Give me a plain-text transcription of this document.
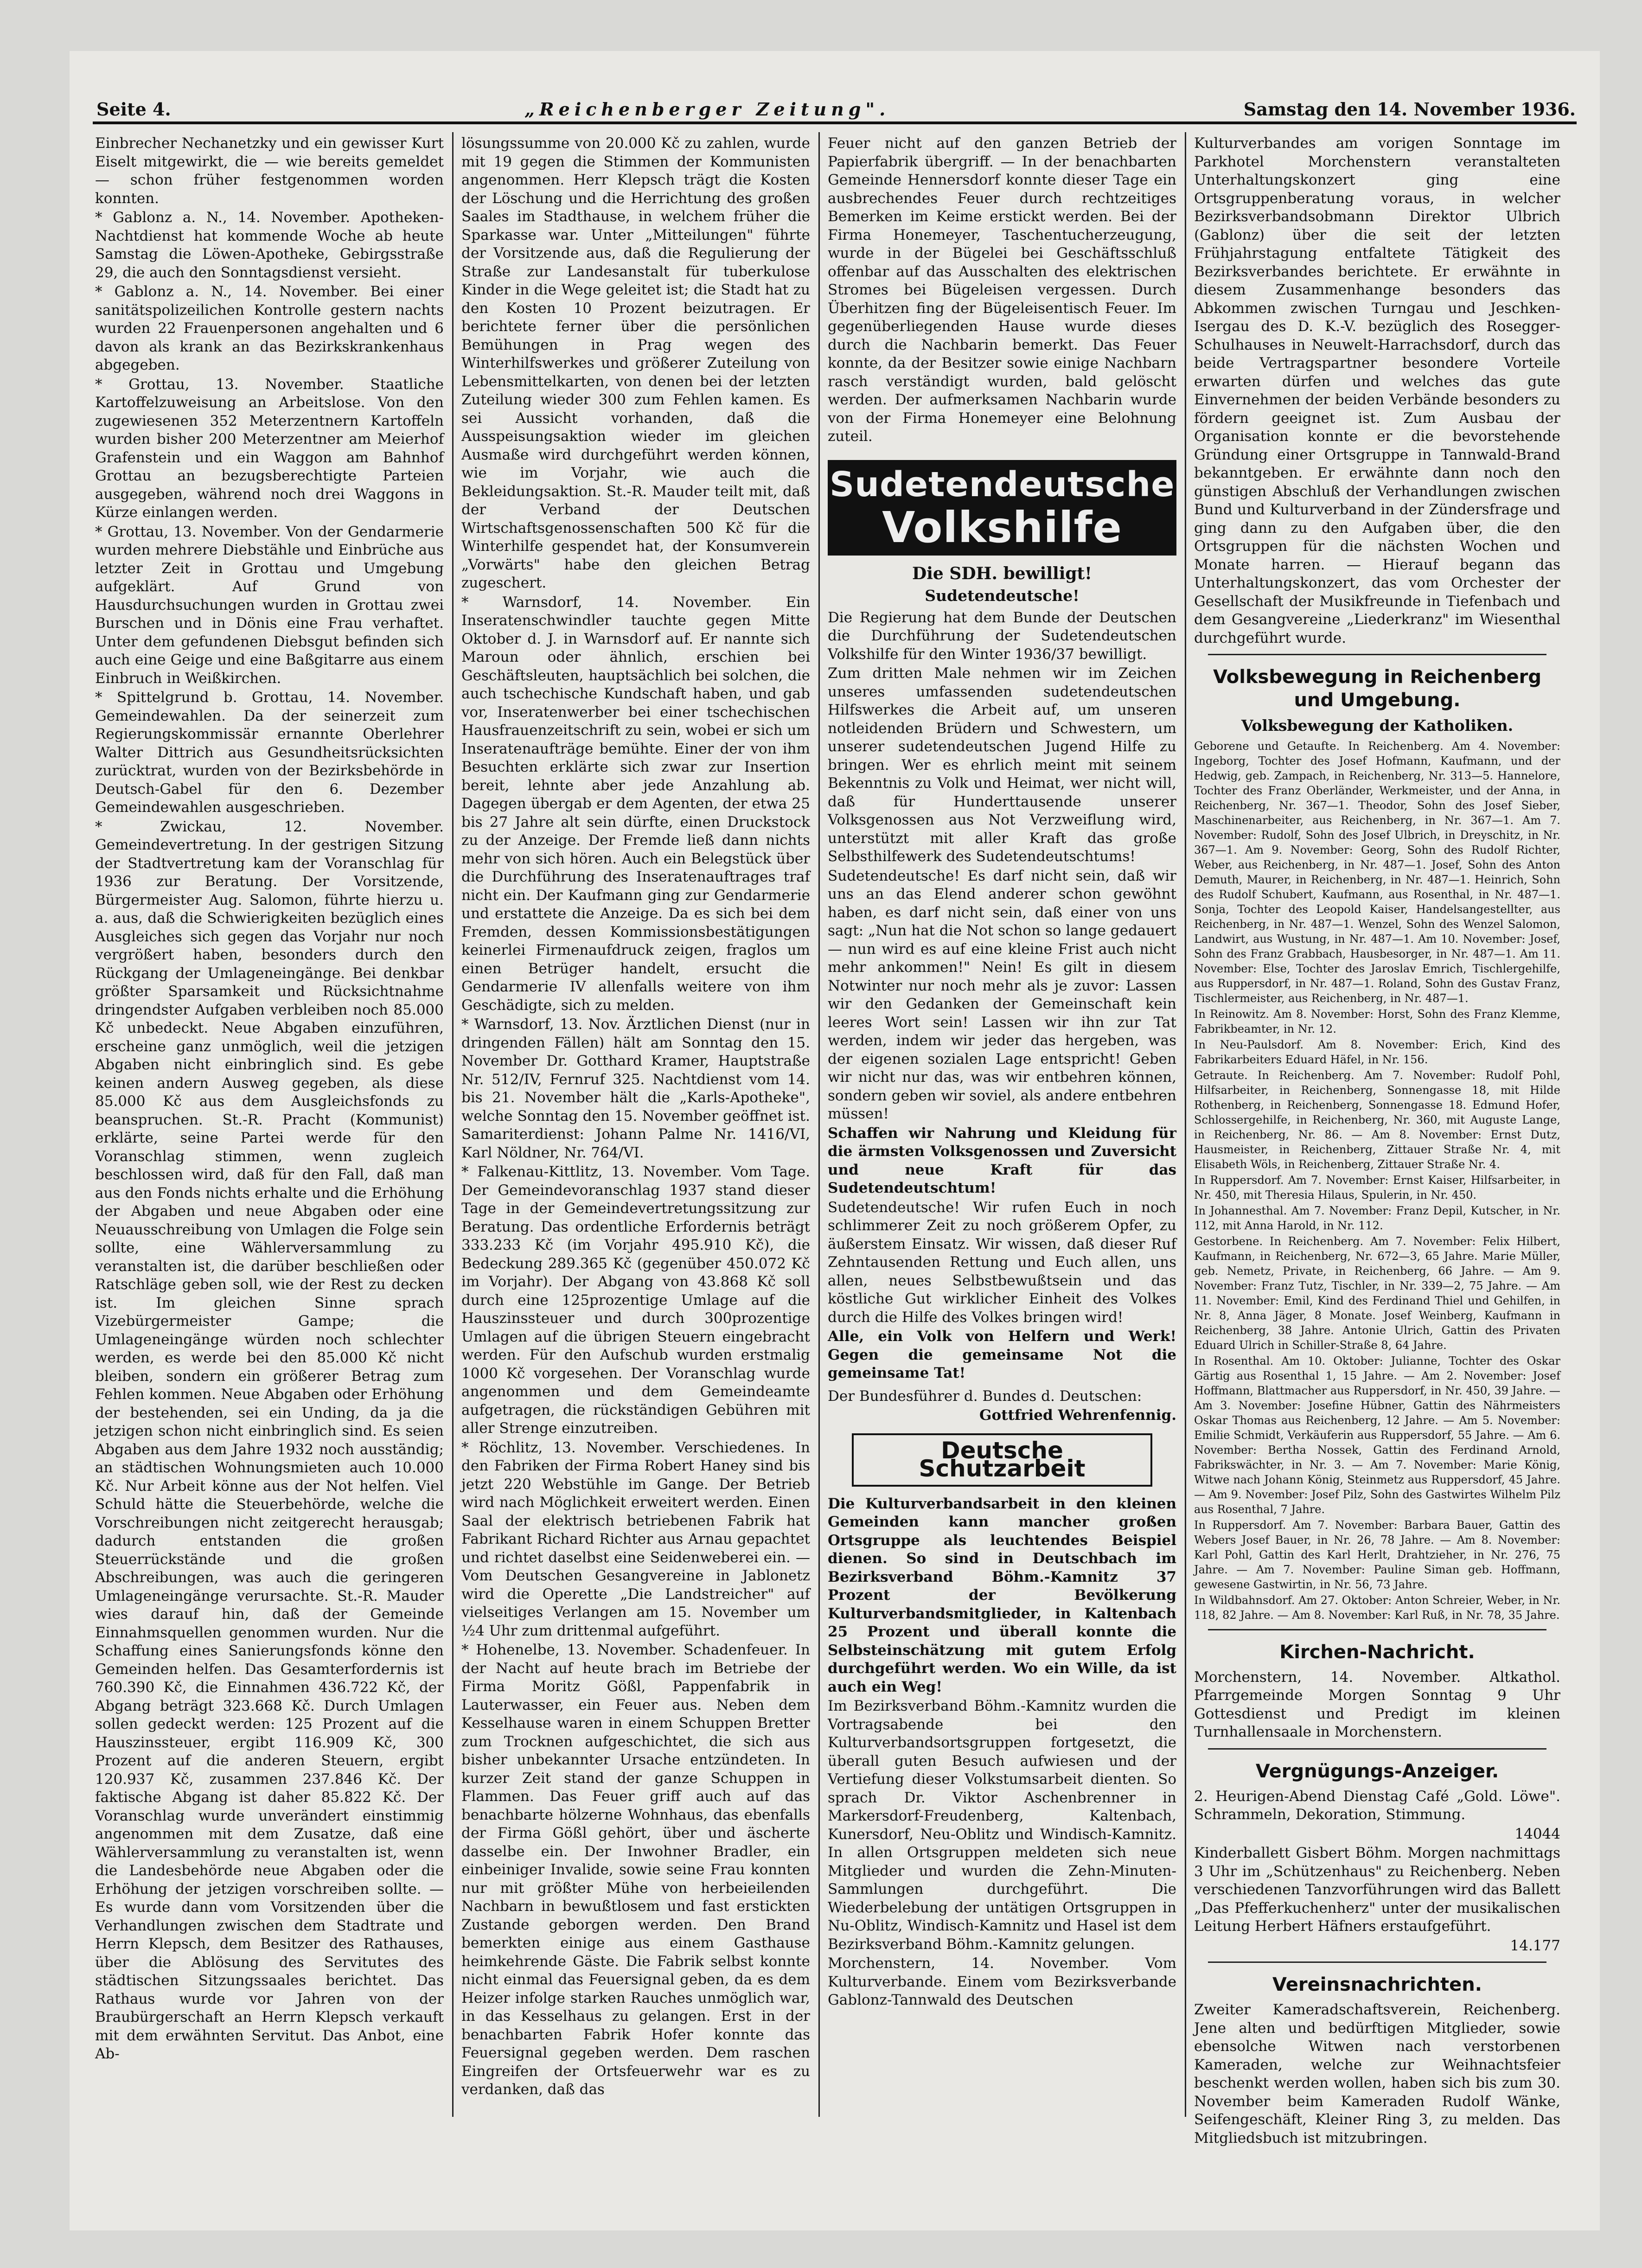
Seite 4.	„Reichenberger Zeitung".	Samstag den 14. November 1936.

Einbrecher Nechanetzky und ein gewisser Kurt Eiselt mitgewirkt, die — wie bereits gemeldet — schon früher festgenommen worden konnten.

* Gablonz a. N., 14. November. Apotheken-Nachtdienst hat kommende Woche ab heute Samstag die Löwen-Apotheke, Gebirgsstraße 29, die auch den Sonntagsdienst versieht.

* Gablonz a. N., 14. November. Bei einer sanitätspolizeilichen Kontrolle gestern nachts wurden 22 Frauenpersonen angehalten und 6 davon als krank an das Bezirkskrankenhaus abgegeben.

* Grottau, 13. November. Staatliche Kartoffelzuweisung an Arbeitslose. Von den zugewiesenen 352 Meterzentnern Kartoffeln wurden bisher 200 Meterzentner am Meierhof Grafenstein und ein Waggon am Bahnhof Grottau an bezugsberechtigte Parteien ausgegeben, während noch drei Waggons in Kürze einlangen werden.

* Grottau, 13. November. Von der Gendarmerie wurden mehrere Diebstähle und Einbrüche aus letzter Zeit in Grottau und Umgebung aufgeklärt. Auf Grund von Hausdurchsuchungen wurden in Grottau zwei Burschen und in Dönis eine Frau verhaftet. Unter dem gefundenen Diebsgut befinden sich auch eine Geige und eine Baßgitarre aus einem Einbruch in Weißkirchen.

* Spittelgrund b. Grottau, 14. November. Gemeindewahlen. Da der seinerzeit zum Regierungskommissär ernannte Oberlehrer Walter Dittrich aus Gesundheitsrücksichten zurücktrat, wurden von der Bezirksbehörde in Deutsch-Gabel für den 6. Dezember Gemeindewahlen ausgeschrieben.

* Zwickau, 12. November. Gemeindevertretung. In der gestrigen Sitzung der Stadtvertretung kam der Voranschlag für 1936 zur Beratung. Der Vorsitzende, Bürgermeister Aug. Salomon, führte hierzu u. a. aus, daß die Schwierigkeiten bezüglich eines Ausgleiches sich gegen das Vorjahr nur noch vergrößert haben, besonders durch den Rückgang der Umlageneingänge. Bei denkbar größter Sparsamkeit und Rücksichtnahme dringendster Aufgaben verbleiben noch 85.000 Kč unbedeckt. Neue Abgaben einzuführen, erscheine ganz unmöglich, weil die jetzigen Abgaben nicht einbringlich sind. Es gebe keinen andern Ausweg gegeben, als diese 85.000 Kč aus dem Ausgleichsfonds zu beanspruchen. St.-R. Pracht (Kommunist) erklärte, seine Partei werde für den Voranschlag stimmen, wenn zugleich beschlossen wird, daß für den Fall, daß man aus den Fonds nichts erhalte und die Erhöhung der Abgaben und neue Abgaben oder eine Neuausschreibung von Umlagen die Folge sein sollte, eine Wählerversammlung zu veranstalten ist, die darüber beschließen oder Ratschläge geben soll, wie der Rest zu decken ist. Im gleichen Sinne sprach Vizebürgermeister Gampe; die Umlageneingänge würden noch schlechter werden, es werde bei den 85.000 Kč nicht bleiben, sondern ein größerer Betrag zum Fehlen kommen. Neue Abgaben oder Erhöhung der bestehenden, sei ein Unding, da ja die jetzigen schon nicht einbringlich sind. Es seien Abgaben aus dem Jahre 1932 noch ausständig; an städtischen Wohnungsmieten auch 10.000 Kč. Nur Arbeit könne aus der Not helfen. Viel Schuld hätte die Steuerbehörde, welche die Vorschreibungen nicht zeitgerecht herausgab; dadurch entstanden die großen Steuerrückstände und die großen Abschreibungen, was auch die geringeren Umlageneingänge verursachte. St.-R. Mauder wies darauf hin, daß der Gemeinde Einnahmsquellen genommen wurden. Nur die Schaffung eines Sanierungsfonds könne den Gemeinden helfen. Das Gesamterfordernis ist 760.390 Kč, die Einnahmen 436.722 Kč, der Abgang beträgt 323.668 Kč. Durch Umlagen sollen gedeckt werden: 125 Prozent auf die Hauszinssteuer, ergibt 116.909 Kč, 300 Prozent auf die anderen Steuern, ergibt 120.937 Kč, zusammen 237.846 Kč. Der faktische Abgang ist daher 85.822 Kč. Der Voranschlag wurde unverändert einstimmig angenommen mit dem Zusatze, daß eine Wählerversammlung zu veranstalten ist, wenn die Landesbehörde neue Abgaben oder die Erhöhung der jetzigen vorschreiben sollte. — Es wurde dann vom Vorsitzenden über die Verhandlungen zwischen dem Stadtrate und Herrn Klepsch, dem Besitzer des Rathauses, über die Ablösung des Servitutes des städtischen Sitzungssaales berichtet. Das Rathaus wurde vor Jahren von der Braubürgerschaft an Herrn Klepsch verkauft mit dem erwähnten Servitut. Das Anbot, eine Ab-

lösungssumme von 20.000 Kč zu zahlen, wurde mit 19 gegen die Stimmen der Kommunisten angenommen. Herr Klepsch trägt die Kosten der Löschung und die Herrichtung des großen Saales im Stadthause, in welchem früher die Sparkasse war. Unter „Mitteilungen" führte der Vorsitzende aus, daß die Regulierung der Straße zur Landesanstalt für tuberkulose Kinder in die Wege geleitet ist; die Stadt hat zu den Kosten 10 Prozent beizutragen. Er berichtete ferner über die persönlichen Bemühungen in Prag wegen des Winterhilfswerkes und größerer Zuteilung von Lebensmittelkarten, von denen bei der letzten Zuteilung wieder 300 zum Fehlen kamen. Es sei Aussicht vorhanden, daß die Ausspeisungsaktion wieder im gleichen Ausmaße wird durchgeführt werden können, wie im Vorjahr, wie auch die Bekleidungsaktion. St.-R. Mauder teilt mit, daß der Verband der Deutschen Wirtschaftsgenossenschaften 500 Kč für die Winterhilfe gespendet hat, der Konsumverein „Vorwärts" habe den gleichen Betrag zugeschert.

* Warnsdorf, 14. November. Ein Inseratenschwindler tauchte gegen Mitte Oktober d. J. in Warnsdorf auf. Er nannte sich Maroun oder ähnlich, erschien bei Geschäftsleuten, hauptsächlich bei solchen, die auch tschechische Kundschaft haben, und gab vor, Inseratenwerber bei einer tschechischen Hausfrauenzeitschrift zu sein, wobei er sich um Inseratenaufträge bemühte. Einer der von ihm Besuchten erklärte sich zwar zur Insertion bereit, lehnte aber jede Anzahlung ab. Dagegen übergab er dem Agenten, der etwa 25 bis 27 Jahre alt sein dürfte, einen Druckstock zu der Anzeige. Der Fremde ließ dann nichts mehr von sich hören. Auch ein Belegstück über die Durchführung des Inseratenauftrages traf nicht ein. Der Kaufmann ging zur Gendarmerie und erstattete die Anzeige. Da es sich bei dem Fremden, dessen Kommissionsbestätigungen keinerlei Firmenaufdruck zeigen, fraglos um einen Betrüger handelt, ersucht die Gendarmerie IV allenfalls weitere von ihm Geschädigte, sich zu melden.

* Warnsdorf, 13. Nov. Ärztlichen Dienst (nur in dringenden Fällen) hält am Sonntag den 15. November Dr. Gotthard Kramer, Hauptstraße Nr. 512/IV, Fernruf 325. Nachtdienst vom 14. bis 21. November hält die „Karls-Apotheke", welche Sonntag den 15. November geöffnet ist. Samariterdienst: Johann Palme Nr. 1416/VI, Karl Nöldner, Nr. 764/VI.

* Falkenau-Kittlitz, 13. November. Vom Tage. Der Gemeindevoranschlag 1937 stand dieser Tage in der Gemeindevertretungssitzung zur Beratung. Das ordentliche Erfordernis beträgt 333.233 Kč (im Vorjahr 495.910 Kč), die Bedeckung 289.365 Kč (gegenüber 450.072 Kč im Vorjahr). Der Abgang von 43.868 Kč soll durch eine 125prozentige Umlage auf die Hauszinssteuer und durch 300prozentige Umlagen auf die übrigen Steuern eingebracht werden. Für den Aufschub wurden erstmalig 1000 Kč vorgesehen. Der Voranschlag wurde angenommen und dem Gemeindeamte aufgetragen, die rückständigen Gebühren mit aller Strenge einzutreiben.

* Röchlitz, 13. November. Verschiedenes. In den Fabriken der Firma Robert Haney sind bis jetzt 220 Webstühle im Gange. Der Betrieb wird nach Möglichkeit erweitert werden. Einen Saal der elektrisch betriebenen Fabrik hat Fabrikant Richard Richter aus Arnau gepachtet und richtet daselbst eine Seidenweberei ein. — Vom Deutschen Gesangvereine in Jablonetz wird die Operette „Die Landstreicher" auf vielseitiges Verlangen am 15. November um ½4 Uhr zum drittenmal aufgeführt.

* Hohenelbe, 13. November. Schadenfeuer. In der Nacht auf heute brach im Betriebe der Firma Moritz Gößl, Pappenfabrik in Lauterwasser, ein Feuer aus. Neben dem Kesselhause waren in einem Schuppen Bretter zum Trocknen aufgeschichtet, die sich aus bisher unbekannter Ursache entzündeten. In kurzer Zeit stand der ganze Schuppen in Flammen. Das Feuer griff auch auf das benachbarte hölzerne Wohnhaus, das ebenfalls der Firma Gößl gehört, über und äscherte dasselbe ein. Der Inwohner Bradler, ein einbeiniger Invalide, sowie seine Frau konnten nur mit größter Mühe von herbeieilenden Nachbarn in bewußtlosem und fast erstickten Zustande geborgen werden. Den Brand bemerkten einige aus einem Gasthause heimkehrende Gäste. Die Fabrik selbst konnte nicht einmal das Feuersignal geben, da es dem Heizer infolge starken Rauches unmöglich war, in das Kesselhaus zu gelangen. Erst in der benachbarten Fabrik Hofer konnte das Feuersignal gegeben werden. Dem raschen Eingreifen der Ortsfeuerwehr war es zu verdanken, daß das

Feuer nicht auf den ganzen Betrieb der Papierfabrik übergriff. — In der benachbarten Gemeinde Hennersdorf konnte dieser Tage ein ausbrechendes Feuer durch rechtzeitiges Bemerken im Keime erstickt werden. Bei der Firma Honemeyer, Taschentucherzeugung, wurde in der Bügelei bei Geschäftsschluß offenbar auf das Ausschalten des elektrischen Stromes bei Bügeleisen vergessen. Durch Überhitzen fing der Bügeleisentisch Feuer. Im gegenüberliegenden Hause wurde dieses durch die Nachbarin bemerkt. Das Feuer konnte, da der Besitzer sowie einige Nachbarn rasch verständigt wurden, bald gelöscht werden. Der aufmerksamen Nachbarin wurde von der Firma Honemeyer eine Belohnung zuteil.

Sudetendeutsche
Volkshilfe
Die SDH. bewilligt!
Sudetendeutsche!

Die Regierung hat dem Bunde der Deutschen die Durchführung der Sudetendeutschen Volkshilfe für den Winter 1936/37 bewilligt.

Zum dritten Male nehmen wir im Zeichen unseres umfassenden sudetendeutschen Hilfswerkes die Arbeit auf, um unseren notleidenden Brüdern und Schwestern, um unserer sudetendeutschen Jugend Hilfe zu bringen. Wer es ehrlich meint mit seinem Bekenntnis zu Volk und Heimat, wer nicht will, daß für Hunderttausende unserer Volksgenossen aus Not Verzweiflung wird, unterstützt mit aller Kraft das große Selbsthilfewerk des Sudetendeutschtums!

Sudetendeutsche! Es darf nicht sein, daß wir uns an das Elend anderer schon gewöhnt haben, es darf nicht sein, daß einer von uns sagt: „Nun hat die Not schon so lange gedauert — nun wird es auf eine kleine Frist auch nicht mehr ankommen!" Nein! Es gilt in diesem Notwinter nur noch mehr als je zuvor: Lassen wir den Gedanken der Gemeinschaft kein leeres Wort sein! Lassen wir ihn zur Tat werden, indem wir jeder das hergeben, was der eigenen sozialen Lage entspricht! Geben wir nicht nur das, was wir entbehren können, sondern geben wir soviel, als andere entbehren müssen!

Schaffen wir Nahrung und Kleidung für die ärmsten Volksgenossen und Zuversicht und neue Kraft für das Sudetendeutschtum!

Sudetendeutsche! Wir rufen Euch in noch schlimmerer Zeit zu noch größerem Opfer, zu äußerstem Einsatz. Wir wissen, daß dieser Ruf Zehntausenden Rettung und Euch allen, uns allen, neues Selbstbewußtsein und das köstliche Gut wirklicher Einheit des Volkes durch die Hilfe des Volkes bringen wird!

Alle, ein Volk von Helfern und Werk! Gegen die gemeinsame Not die gemeinsame Tat!

Der Bundesführer d. Bundes d. Deutschen:

Gottfried Wehrenfennig.

Deutsche Schutzarbeit

Die Kulturverbandsarbeit in den kleinen Gemeinden kann mancher großen Ortsgruppe als leuchtendes Beispiel dienen. So sind in Deutschbach im Bezirksverband Böhm.-Kamnitz 37 Prozent der Bevölkerung Kulturverbandsmitglieder, in Kaltenbach 25 Prozent und überall konnte die Selbsteinschätzung mit gutem Erfolg durchgeführt werden. Wo ein Wille, da ist auch ein Weg!

Im Bezirksverband Böhm.-Kamnitz wurden die Vortragsabende bei den Kulturverbandsortsgruppen fortgesetzt, die überall guten Besuch aufwiesen und der Vertiefung dieser Volkstumsarbeit dienten. So sprach Dr. Viktor Aschenbrenner in Markersdorf-Freudenberg, Kaltenbach, Kunersdorf, Neu-Oblitz und Windisch-Kamnitz. In allen Ortsgruppen meldeten sich neue Mitglieder und wurden die Zehn-Minuten-Sammlungen durchgeführt. Die Wiederbelebung der untätigen Ortsgruppen in Nu-Oblitz, Windisch-Kamnitz und Hasel ist dem Bezirksverband Böhm.-Kamnitz gelungen.

Morchenstern, 14. November. Vom Kulturverbande. Einem vom Bezirksverbande Gablonz-Tannwald des Deutschen

Kulturverbandes am vorigen Sonntage im Parkhotel Morchenstern veranstalteten Unterhaltungskonzert ging eine Ortsgruppenberatung voraus, in welcher Bezirksverbandsobmann Direktor Ulbrich (Gablonz) über die seit der letzten Frühjahrstagung entfaltete Tätigkeit des Bezirksverbandes berichtete. Er erwähnte in diesem Zusammenhange besonders das Abkommen zwischen Turngau und Jeschken-Isergau des D. K.-V. bezüglich des Rosegger-Schulhauses in Neuwelt-Harrachsdorf, durch das beide Vertragspartner besondere Vorteile erwarten dürfen und welches das gute Einvernehmen der beiden Verbände besonders zu fördern geeignet ist. Zum Ausbau der Organisation konnte er die bevorstehende Gründung einer Ortsgruppe in Tannwald-Brand bekanntgeben. Er erwähnte dann noch den günstigen Abschluß der Verhandlungen zwischen Bund und Kulturverband in der Zündersfrage und ging dann zu den Aufgaben über, die den Ortsgruppen für die nächsten Wochen und Monate harren. — Hierauf begann das Unterhaltungskonzert, das vom Orchester der Gesellschaft der Musikfreunde in Tiefenbach und dem Gesangvereine „Liederkranz" im Wiesenthal durchgeführt wurde.

Volksbewegung in Reichenberg und Umgebung.
Volksbewegung der Katholiken.

Geborene und Getaufte. In Reichenberg. Am 4. November: Ingeborg, Tochter des Josef Hofmann, Kaufmann, und der Hedwig, geb. Zampach, in Reichenberg, Nr. 313—5. Hannelore, Tochter des Franz Oberländer, Werkmeister, und der Anna, in Reichenberg, Nr. 367—1. Theodor, Sohn des Josef Sieber, Maschinenarbeiter, aus Reichenberg, in Nr. 367—1. Am 7. November: Rudolf, Sohn des Josef Ulbrich, in Dreyschitz, in Nr. 367—1. Am 9. November: Georg, Sohn des Rudolf Richter, Weber, aus Reichenberg, in Nr. 487—1. Josef, Sohn des Anton Demuth, Maurer, in Reichenberg, in Nr. 487—1. Heinrich, Sohn des Rudolf Schubert, Kaufmann, aus Rosenthal, in Nr. 487—1. Sonja, Tochter des Leopold Kaiser, Handelsangestellter, aus Reichenberg, in Nr. 487—1. Wenzel, Sohn des Wenzel Salomon, Landwirt, aus Wustung, in Nr. 487—1. Am 10. November: Josef, Sohn des Franz Grabbach, Hausbesorger, in Nr. 487—1. Am 11. November: Else, Tochter des Jaroslav Emrich, Tischlergehilfe, aus Ruppersdorf, in Nr. 487—1. Roland, Sohn des Gustav Franz, Tischlermeister, aus Reichenberg, in Nr. 487—1.

In Reinowitz. Am 8. November: Horst, Sohn des Franz Klemme, Fabrikbeamter, in Nr. 12.

In Neu-Paulsdorf. Am 8. November: Erich, Kind des Fabrikarbeiters Eduard Häfel, in Nr. 156.

Getraute. In Reichenberg. Am 7. November: Rudolf Pohl, Hilfsarbeiter, in Reichenberg, Sonnengasse 18, mit Hilde Rothenberg, in Reichenberg, Sonnengasse 18. Edmund Hofer, Schlossergehilfe, in Reichenberg, Nr. 360, mit Auguste Lange, in Reichenberg, Nr. 86. — Am 8. November: Ernst Dutz, Hausmeister, in Reichenberg, Zittauer Straße Nr. 4, mit Elisabeth Wöls, in Reichenberg, Zittauer Straße Nr. 4.

In Ruppersdorf. Am 7. November: Ernst Kaiser, Hilfsarbeiter, in Nr. 450, mit Theresia Hilaus, Spulerin, in Nr. 450.

In Johannesthal. Am 7. November: Franz Depil, Kutscher, in Nr. 112, mit Anna Harold, in Nr. 112.

Gestorbene. In Reichenberg. Am 7. November: Felix Hilbert, Kaufmann, in Reichenberg, Nr. 672—3, 65 Jahre. Marie Müller, geb. Nemetz, Private, in Reichenberg, 66 Jahre. — Am 9. November: Franz Tutz, Tischler, in Nr. 339—2, 75 Jahre. — Am 11. November: Emil, Kind des Ferdinand Thiel und Gehilfen, in Nr. 8, Anna Jäger, 8 Monate. Josef Weinberg, Kaufmann in Reichenberg, 38 Jahre. Antonie Ulrich, Gattin des Privaten Eduard Ulrich in Schiller-Straße 8, 64 Jahre.

In Rosenthal. Am 10. Oktober: Julianne, Tochter des Oskar Gärtig aus Rosenthal 1, 15 Jahre. — Am 2. November: Josef Hoffmann, Blattmacher aus Ruppersdorf, in Nr. 450, 39 Jahre. — Am 3. November: Josefine Hübner, Gattin des Nährmeisters Oskar Thomas aus Reichenberg, 12 Jahre. — Am 5. November: Emilie Schmidt, Verkäuferin aus Ruppersdorf, 55 Jahre. — Am 6. November: Bertha Nossek, Gattin des Ferdinand Arnold, Fabrikswächter, in Nr. 3. — Am 7. November: Marie König, Witwe nach Johann König, Steinmetz aus Ruppersdorf, 45 Jahre. — Am 9. November: Josef Pilz, Sohn des Gastwirtes Wilhelm Pilz aus Rosenthal, 7 Jahre.

In Ruppersdorf. Am 7. November: Barbara Bauer, Gattin des Webers Josef Bauer, in Nr. 26, 78 Jahre. — Am 8. November: Karl Pohl, Gattin des Karl Herlt, Drahtzieher, in Nr. 276, 75 Jahre. — Am 7. November: Pauline Siman geb. Hoffmann, gewesene Gastwirtin, in Nr. 56, 73 Jahre.

In Wildbahnsdorf. Am 27. Oktober: Anton Schreier, Weber, in Nr. 118, 82 Jahre. — Am 8. November: Karl Ruß, in Nr. 78, 35 Jahre.

Kirchen-Nachricht.

Morchenstern, 14. November. Altkathol. Pfarrgemeinde Morgen Sonntag 9 Uhr Gottesdienst und Predigt im kleinen Turnhallensaale in Morchenstern.

Vergnügungs-Anzeiger.

2. Heurigen-Abend Dienstag Café „Gold. Löwe". Schrammeln, Dekoration, Stimmung.

14044

Kinderballett Gisbert Böhm. Morgen nachmittags 3 Uhr im „Schützenhaus" zu Reichenberg. Neben verschiedenen Tanzvorführungen wird das Ballett „Das Pfefferkuchenherz" unter der musikalischen Leitung Herbert Häfners erstaufgeführt.

14.177

Vereinsnachrichten.

Zweiter Kameradschaftsverein, Reichenberg. Jene alten und bedürftigen Mitglieder, sowie ebensolche Witwen nach verstorbenen Kameraden, welche zur Weihnachtsfeier beschenkt werden wollen, haben sich bis zum 30. November beim Kameraden Rudolf Wänke, Seifengeschäft, Kleiner Ring 3, zu melden. Das Mitgliedsbuch ist mitzubringen.
